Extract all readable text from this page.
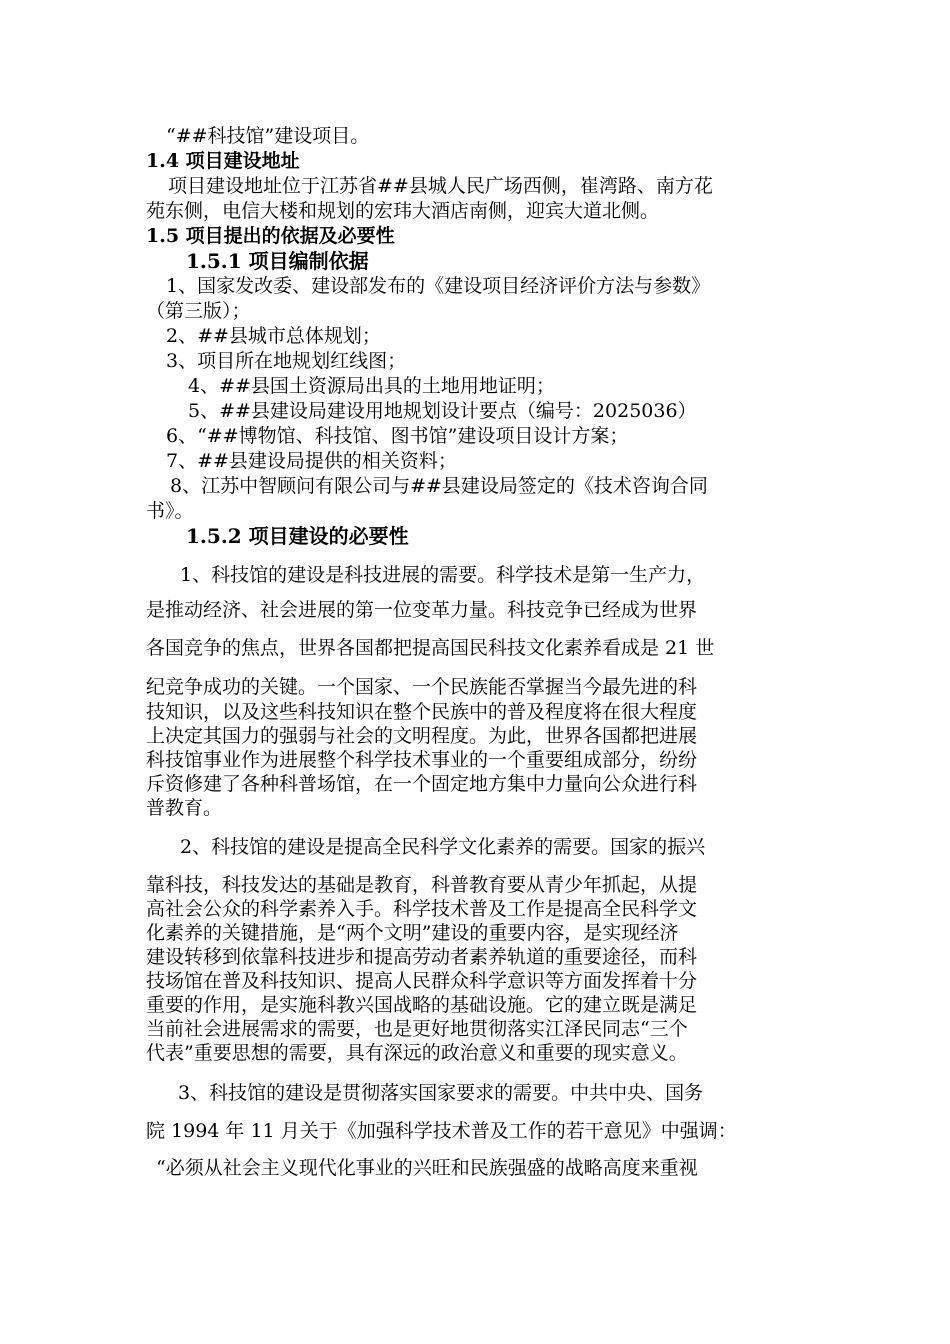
“##科技馆”建设项目。
1.4 项目建设地址
项目建设地址位于江苏省##县城人民广场西侧，崔湾路、南方花
苑东侧，电信大楼和规划的宏玮大酒店南侧，迎宾大道北侧。
1.5 项目提出的依据及必要性
1.5.1 项目编制依据
1、国家发改委、建设部发布的《建设项目经济评价方法与参数》
（第三版）；
2、##县城市总体规划；
3、项目所在地规划红线图；
4、##县国土资源局出具的土地用地证明；
5、##县建设局建设用地规划设计要点（编号：2025036）
6、“##博物馆、科技馆、图书馆”建设项目设计方案；
7、##县建设局提供的相关资料；
8、江苏中智顾问有限公司与##县建设局签定的《技术咨询合同
书》。
1.5.2 项目建设的必要性
1、科技馆的建设是科技进展的需要。科学技术是第一生产力，
是推动经济、社会进展的第一位变革力量。科技竞争已经成为世界
各国竞争的焦点，世界各国都把提高国民科技文化素养看成是 21 世
纪竞争成功的关键。一个国家、一个民族能否掌握当今最先进的科
技知识，以及这些科技知识在整个民族中的普及程度将在很大程度
上决定其国力的强弱与社会的文明程度。为此，世界各国都把进展
科技馆事业作为进展整个科学技术事业的一个重要组成部分，纷纷
斥资修建了各种科普场馆，在一个固定地方集中力量向公众进行科
普教育。
2、科技馆的建设是提高全民科学文化素养的需要。国家的振兴
靠科技，科技发达的基础是教育，科普教育要从青少年抓起，从提
高社会公众的科学素养入手。科学技术普及工作是提高全民科学文
化素养的关键措施，是“两个文明”建设的重要内容，是实现经济
建设转移到依靠科技进步和提高劳动者素养轨道的重要途径，而科
技场馆在普及科技知识、提高人民群众科学意识等方面发挥着十分
重要的作用，是实施科教兴国战略的基础设施。它的建立既是满足
当前社会进展需求的需要，也是更好地贯彻落实江泽民同志“三个
代表”重要思想的需要，具有深远的政治意义和重要的现实意义。
3、科技馆的建设是贯彻落实国家要求的需要。中共中央、国务
院 1994 年 11 月关于《加强科学技术普及工作的若干意见》中强调：
“必须从社会主义现代化事业的兴旺和民族强盛的战略高度来重视
